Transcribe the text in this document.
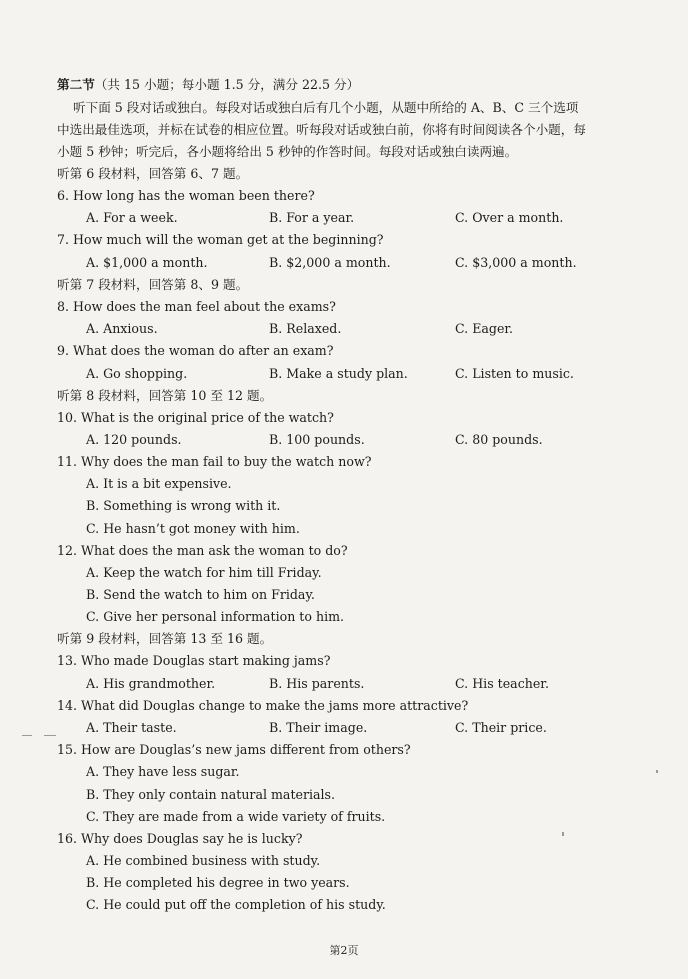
第二节（共 15 小题；每小题 1.5 分，满分 22.5 分）
听下面 5 段对话或独白。每段对话或独白后有几个小题，从题中所给的 A、B、C 三个选项
中选出最佳选项，并标在试卷的相应位置。听每段对话或独白前，你将有时间阅读各个小题，每
小题 5 秒钟；听完后，各小题将给出 5 秒钟的作答时间。每段对话或独白读两遍。
听第 6 段材料，回答第 6、7 题。
6. How long has the woman been there?
A. For a week.	B. For a year.	C. Over a month.
7. How much will the woman get at the beginning?
A. $1,000 a month.	B. $2,000 a month.	C. $3,000 a month.
听第 7 段材料，回答第 8、9 题。
8. How does the man feel about the exams?
A. Anxious.	B. Relaxed.	C. Eager.
9. What does the woman do after an exam?
A. Go shopping.	B. Make a study plan.	C. Listen to music.
听第 8 段材料，回答第 10 至 12 题。
10. What is the original price of the watch?
A. 120 pounds.	B. 100 pounds.	C. 80 pounds.
11. Why does the man fail to buy the watch now?
A. It is a bit expensive.
B. Something is wrong with it.
C. He hasn’t got money with him.
12. What does the man ask the woman to do?
A. Keep the watch for him till Friday.
B. Send the watch to him on Friday.
C. Give her personal information to him.
听第 9 段材料，回答第 13 至 16 题。
13. Who made Douglas start making jams?
A. His grandmother.	B. His parents.	C. His teacher.
14. What did Douglas change to make the jams more attractive?
A. Their taste.	B. Their image.	C. Their price.
15. How are Douglas’s new jams different from others?
A. They have less sugar.
B. They only contain natural materials.
C. They are made from a wide variety of fruits.
16. Why does Douglas say he is lucky?
A. He combined business with study.
B. He completed his degree in two years.
C. He could put off the completion of his study.
第2页
